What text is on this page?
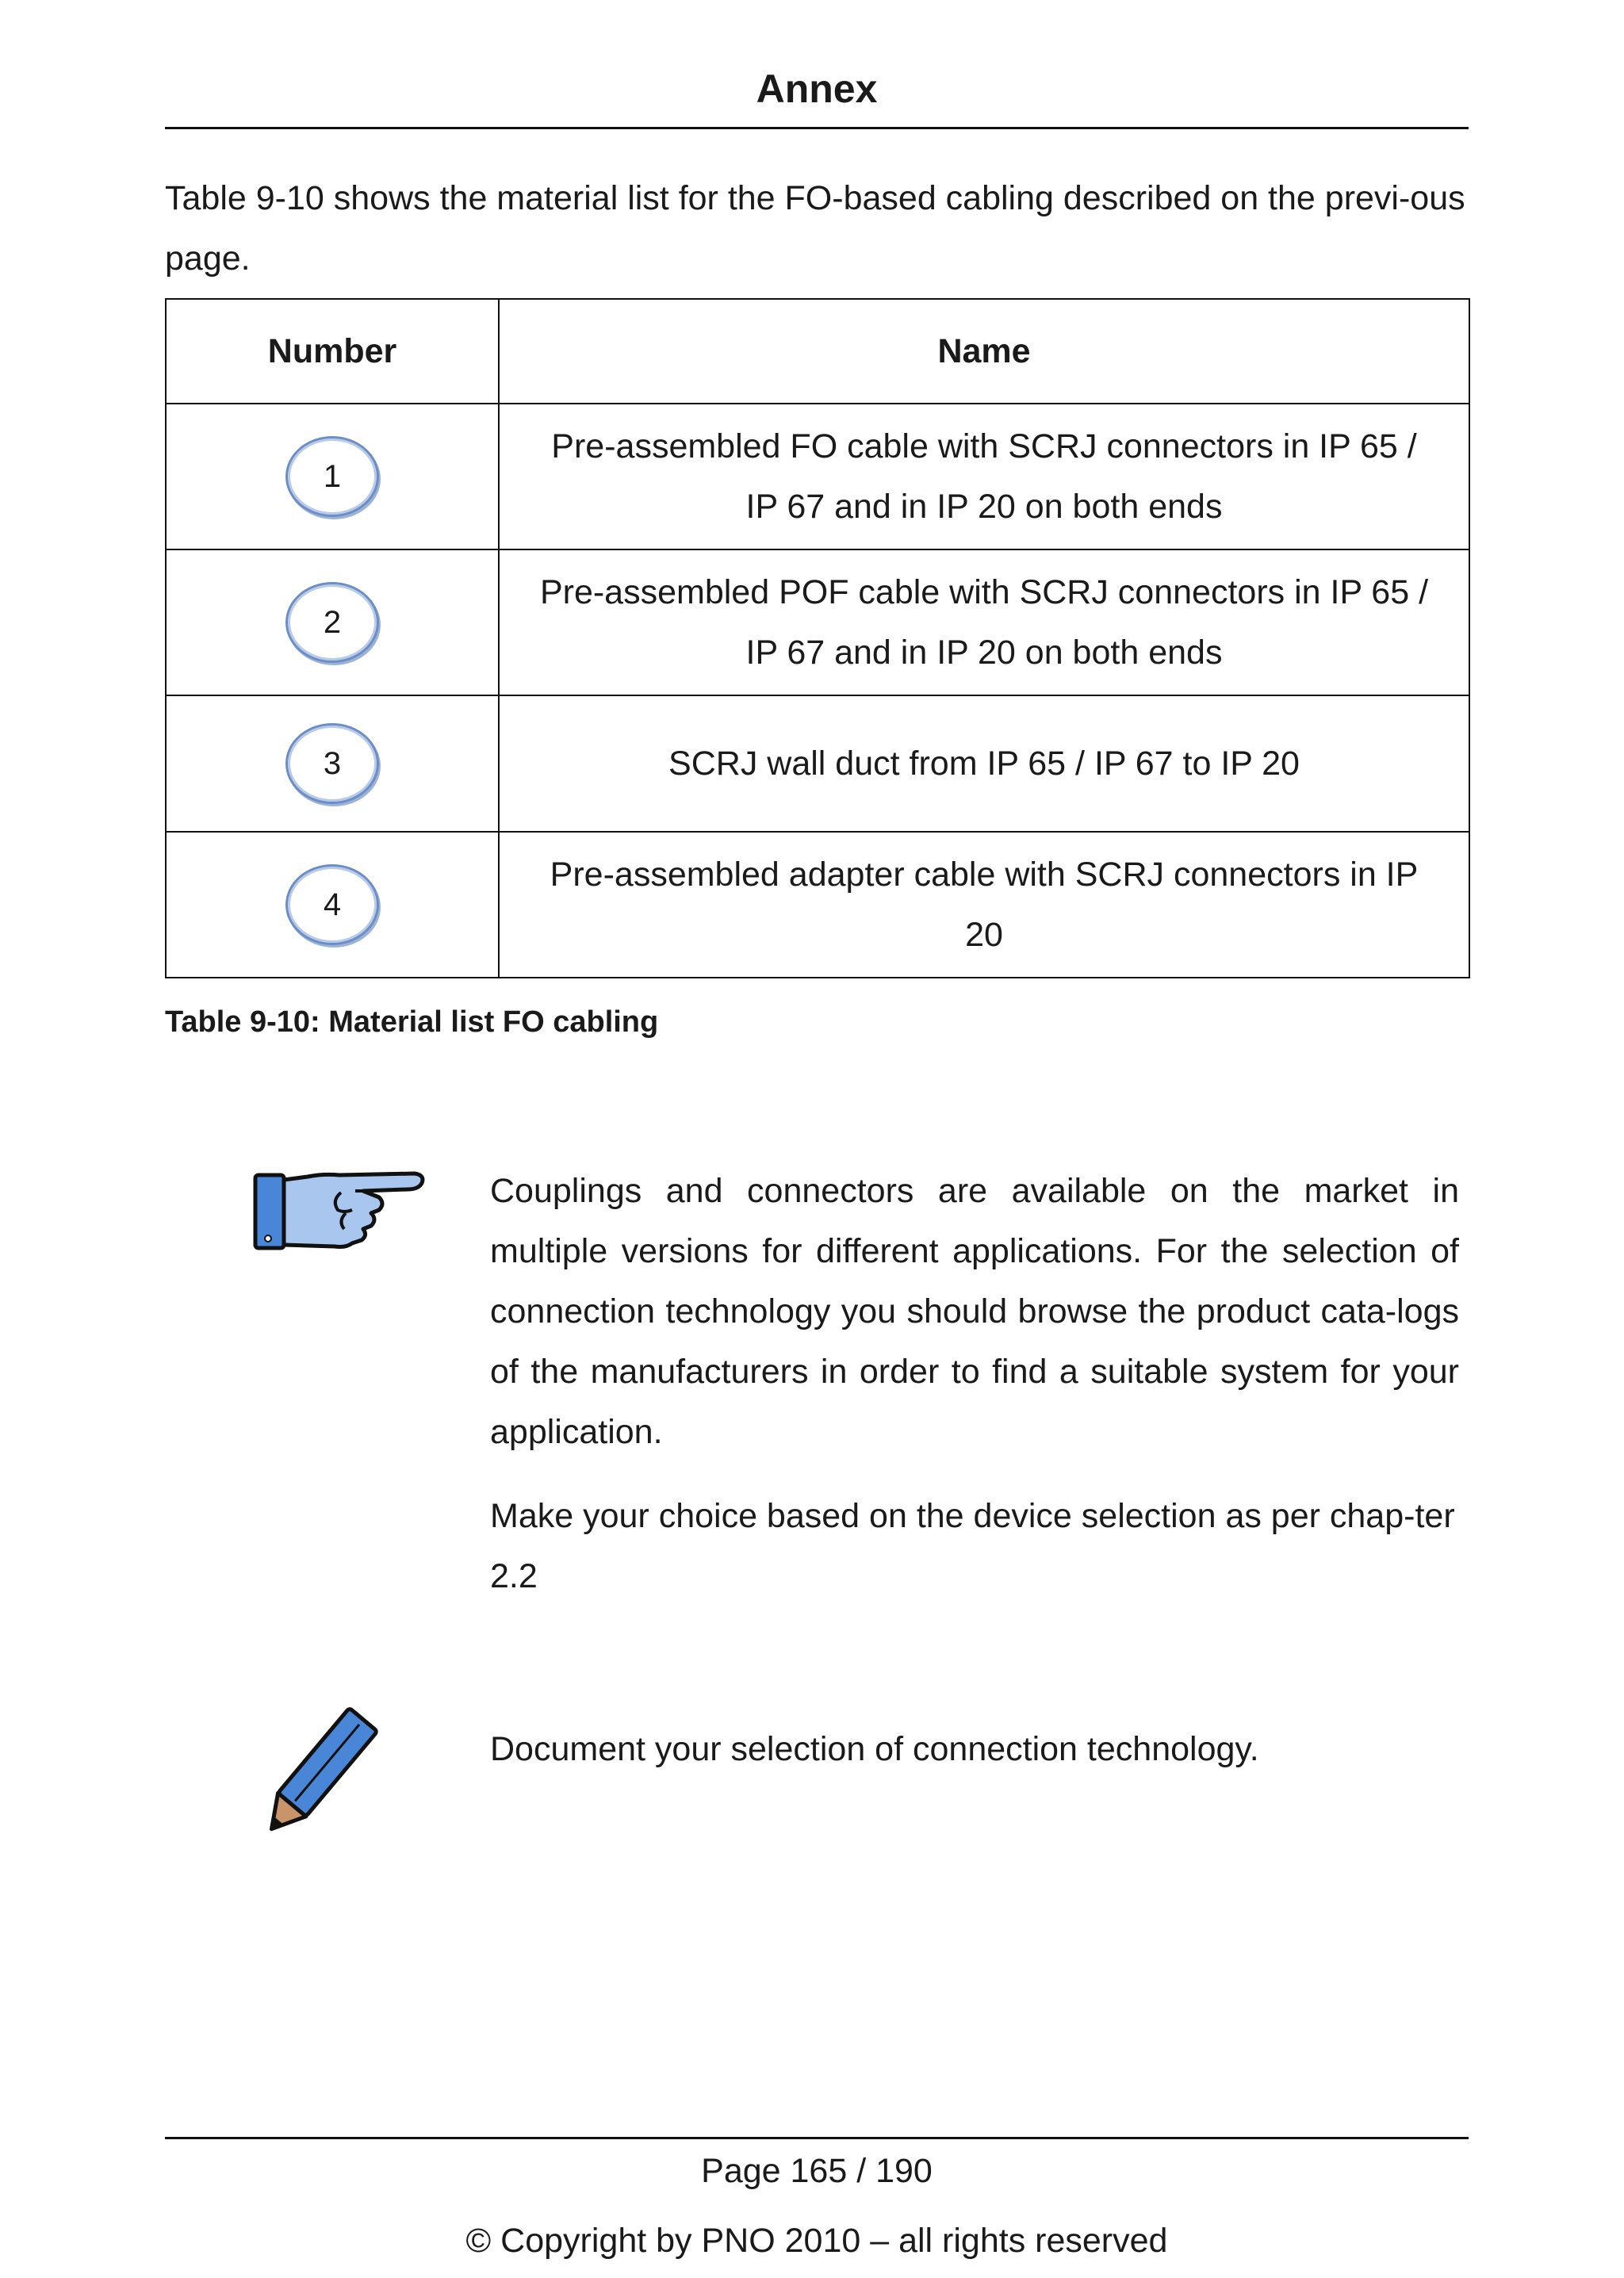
Annex

Table 9-10 shows the material list for the FO-based cabling described on the previ-ous page.

Number	Name
1	Pre-assembled FO cable with SCRJ connectors in IP 65 /
IP 67 and in IP 20 on both ends
2	Pre-assembled POF cable with SCRJ connectors in IP 65 /
IP 67 and in IP 20 on both ends
3	SCRJ wall duct from IP 65 / IP 67 to IP 20
4	Pre-assembled adapter cable with SCRJ connectors in IP
20
Table 9-10: Material list FO cabling

Couplings and connectors are available on the market in multiple versions for different applications. For the selection of connection technology you should browse the product cata-logs of the manufacturers in order to find a suitable system for your application.

Make your choice based on the device selection as per chap-ter 2.2

Document your selection of connection technology.

Page 165 / 190
© Copyright by PNO 2010 – all rights reserved
